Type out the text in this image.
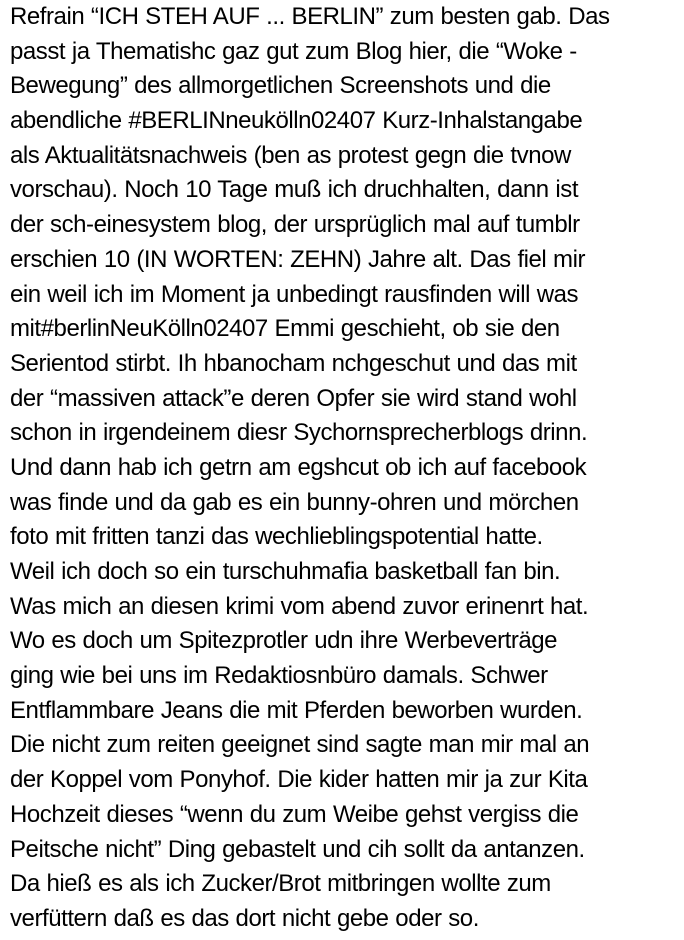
Refrain “ICH STEH AUF ... BERLIN” zum besten gab. Das
passt ja Thematishc gaz gut zum Blog hier, die “Woke -
Bewegung” des allmorgetlichen Screenshots und die
abendliche #BERLINneukölln02407 Kurz-Inhalstangabe
als Aktualitätsnachweis (ben as protest gegn die tvnow
vorschau). Noch 10 Tage muß ich druchhalten, dann ist
der sch-einesystem blog, der ursprüglich mal auf tumblr
erschien 10 (IN WORTEN: ZEHN) Jahre alt. Das fiel mir
ein weil ich im Moment ja unbedingt rausfinden will was
mit#berlinNeuKölln02407 Emmi geschieht, ob sie den
Serientod stirbt. Ih hbanocham nchgeschut und das mit
der “massiven attack”e deren Opfer sie wird stand wohl
schon in irgendeinem diesr Sychornsprecherblogs drinn.
Und dann hab ich getrn am egshcut ob ich auf facebook
was finde und da gab es ein bunny-ohren und mörchen
foto mit fritten tanzi das wechlieblingspotential hatte.
Weil ich doch so ein turschuhmafia basketball fan bin.
Was mich an diesen krimi vom abend zuvor erinenrt hat.
Wo es doch um Spitezprotler udn ihre Werbeverträge
ging wie bei uns im Redaktiosnbüro damals. Schwer
Entflammbare Jeans die mit Pferden beworben wurden.
Die nicht zum reiten geeignet sind sagte man mir mal an
der Koppel vom Ponyhof. Die kider hatten mir ja zur Kita
Hochzeit dieses “wenn du zum Weibe gehst vergiss die
Peitsche nicht” Ding gebastelt und cih sollt da antanzen.
Da hieß es als ich Zucker/Brot mitbringen wollte zum
verfüttern daß es das dort nicht gebe oder so.
